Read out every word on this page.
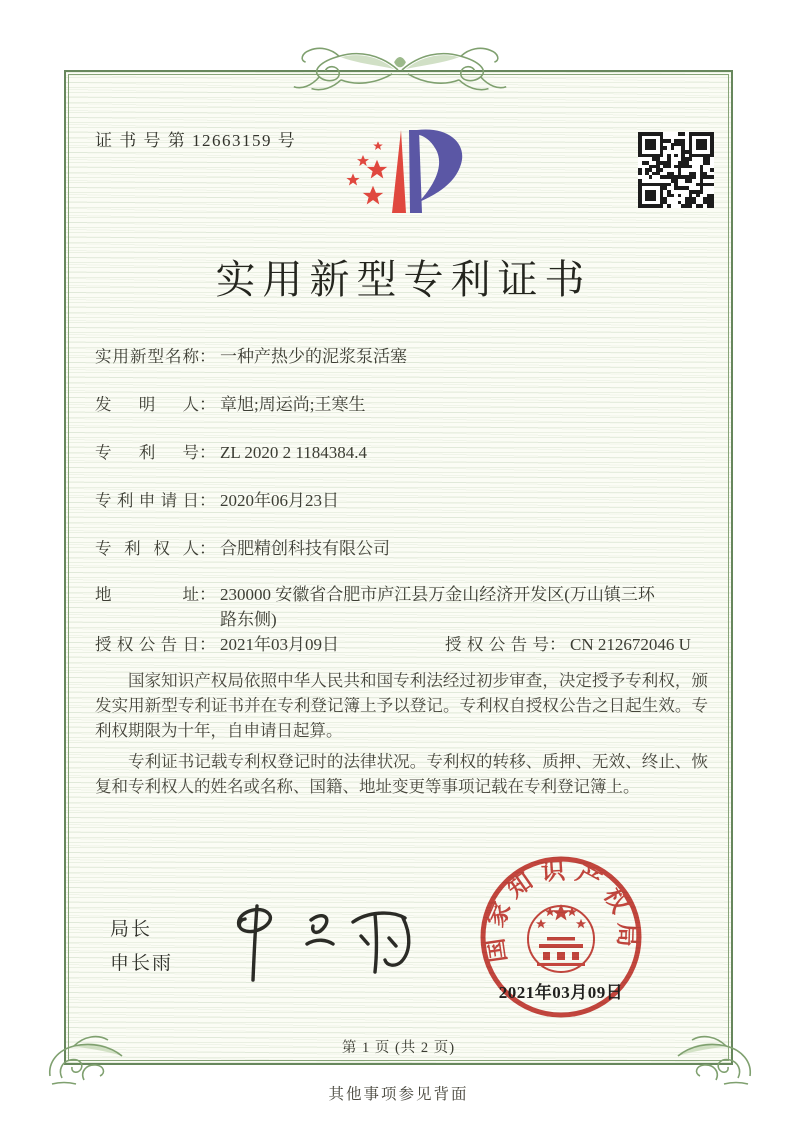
证 书 号 第 12663159 号
实用新型专利证书
实用新型名称： 一种产热少的泥浆泵活塞
发明人： 章旭;周运尚;王寒生
专利号： ZL 2020 2 1184384.4
专利申请日： 2020年06月23日
专利权人： 合肥精创科技有限公司
地址： 230000 安徽省合肥市庐江县万金山经济开发区(万山镇三环路东侧)
授权公告日： 2021年03月09日	授权公告号： CN 212672046 U

国家知识产权局依照中华人民共和国专利法经过初步审查，决定授予专利权，颁发实用新型专利证书并在专利登记簿上予以登记。专利权自授权公告之日起生效。专利权期限为十年，自申请日起算。

专利证书记载专利权登记时的法律状况。专利权的转移、质押、无效、终止、恢复和专利权人的姓名或名称、国籍、地址变更等事项记载在专利登记簿上。

局长
申长雨	国家知识产权局
2021年03月09日
第 1 页 (共 2 页)
其他事项参见背面
